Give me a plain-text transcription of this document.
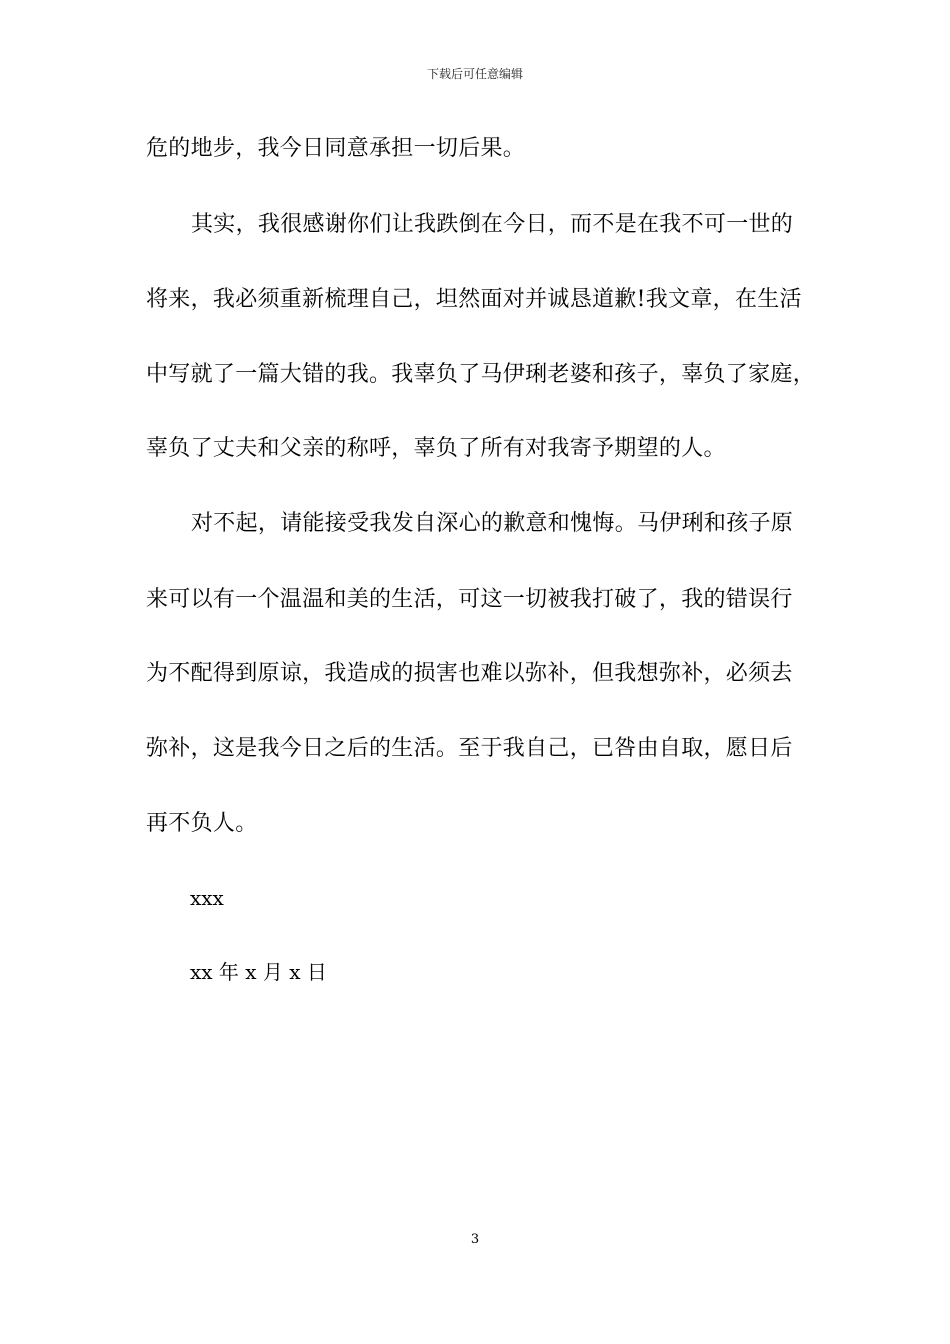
下载后可任意编辑
危的地步，我今日同意承担一切后果。
其实，我很感谢你们让我跌倒在今日，而不是在我不可一世的
将来，我必须重新梳理自己，坦然面对并诚恳道歉!我文章，在生活
中写就了一篇大错的我。我辜负了马伊琍老婆和孩子，辜负了家庭，
辜负了丈夫和父亲的称呼，辜负了所有对我寄予期望的人。
对不起，请能接受我发自深心的歉意和愧悔。马伊琍和孩子原
来可以有一个温温和美的生活，可这一切被我打破了，我的错误行
为不配得到原谅，我造成的损害也难以弥补，但我想弥补，必须去
弥补，这是我今日之后的生活。至于我自己，已咎由自取，愿日后
再不负人。
xxx
xx 年 x 月 x 日
3
